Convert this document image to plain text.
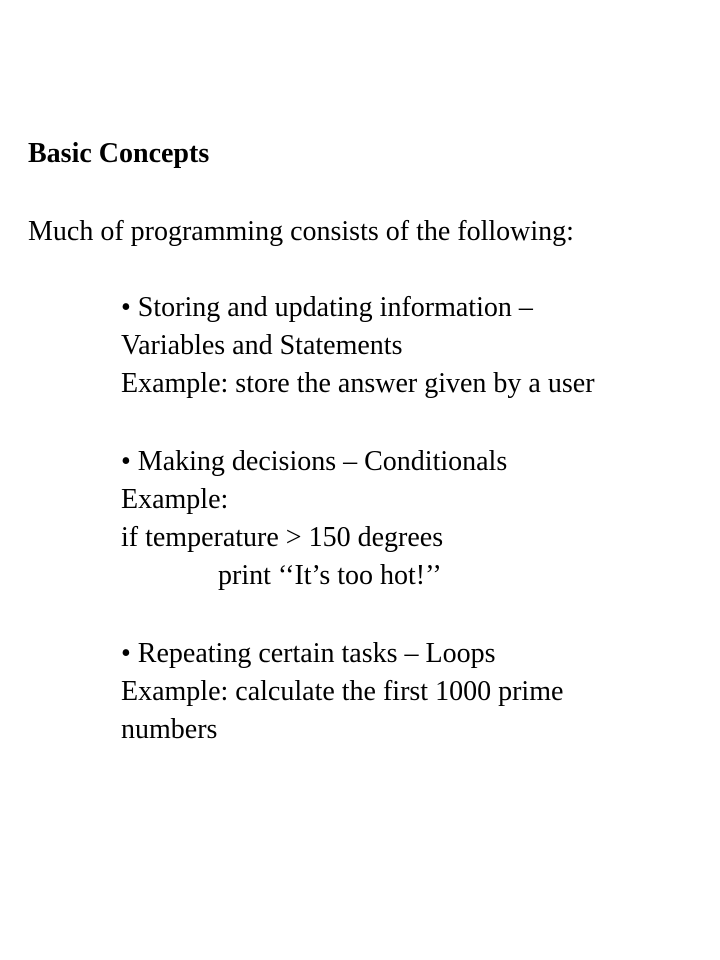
Basic Concepts
Much of programming consists of the following:
• Storing and updating information –
Variables and Statements
Example: store the answer given by a user
• Making decisions – Conditionals
Example:
if temperature > 150 degrees
print ‘‘It’s too hot!’’
• Repeating certain tasks – Loops
Example: calculate the first 1000 prime
numbers
